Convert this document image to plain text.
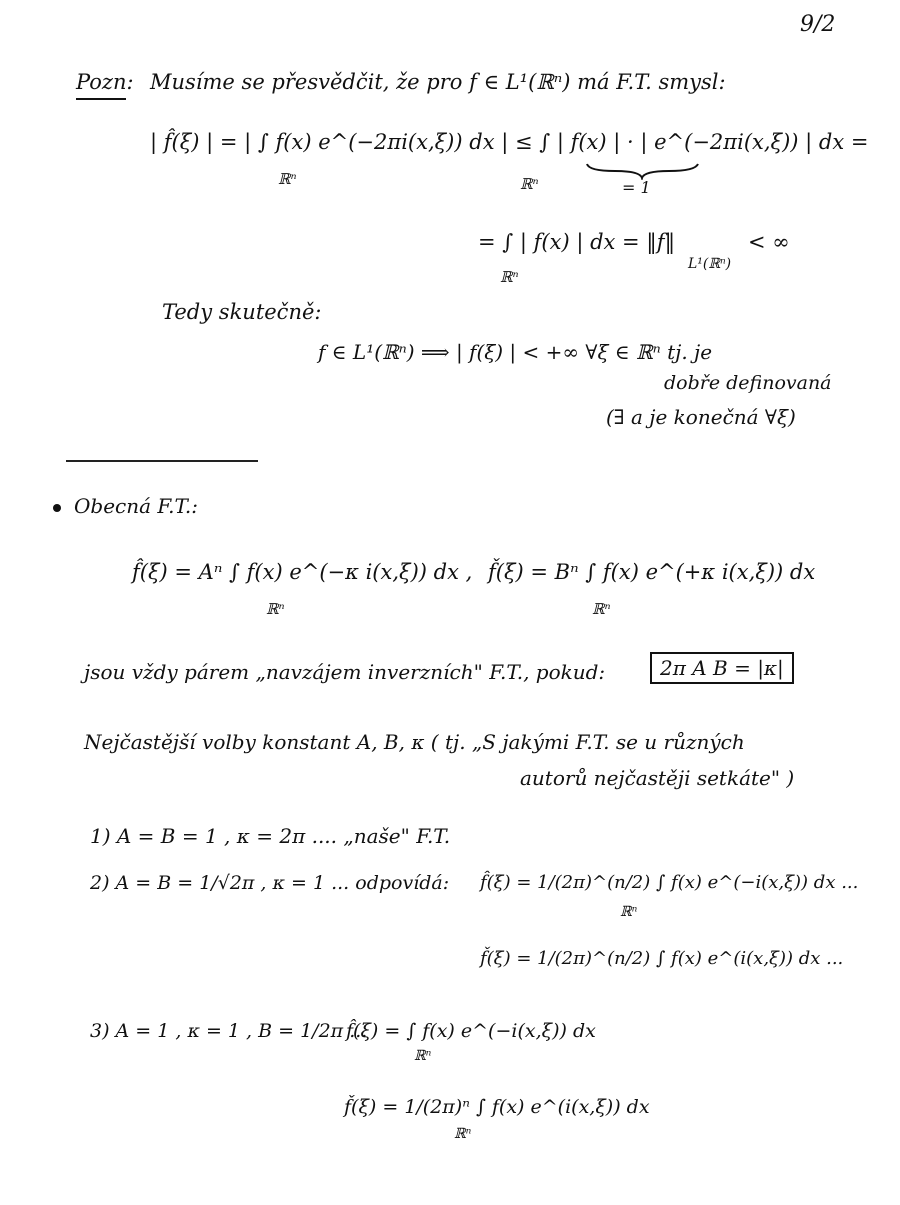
9/2
Pozn: Musíme se přesvědčit, že pro f ∈ L¹(ℝⁿ) má F.T. smysl:
| f̂(ξ) | = | ∫ f(x) e^(−2πi(x,ξ)) dx | ≤ ∫ | f(x) | · | e^(−2πi(x,ξ)) | dx =
ℝⁿ	ℝⁿ	= 1
= ∫ | f(x) | dx = ‖f‖
L¹(ℝⁿ)
< ∞
ℝⁿ
Tedy skutečně:
f ∈ L¹(ℝⁿ) ⟹ | f(ξ) | < +∞ ∀ξ ∈ ℝⁿ tj. je
dobře definovaná
(∃ a je konečná ∀ξ)
Obecná F.T.:
f̂(ξ) = Aⁿ ∫ f(x) e^(−κ i(x,ξ)) dx ,
ℝⁿ
f̌(ξ) = Bⁿ ∫ f(x) e^(+κ i(x,ξ)) dx
ℝⁿ
jsou vždy párem „navzájem inverzních" F.T., pokud:	2π A B = |κ|
Nejčastější volby konstant A, B, κ ( tj. „S jakými F.T. se u různých
autorů nejčastěji setkáte" )
1) A = B = 1 , κ = 2π .... „naše" F.T.
2) A = B = 1/√2π , κ = 1 ... odpovídá: f̂(ξ) = 1/(2π)^(n/2) ∫ f(x) e^(−i(x,ξ)) dx ...
ℝⁿ
f̌(ξ) = 1/(2π)^(n/2) ∫ f(x) e^(i(x,ξ)) dx ...
3) A = 1 , κ = 1 , B = 1/2π ...
f̂(ξ) = ∫ f(x) e^(−i(x,ξ)) dx
ℝⁿ
f̌(ξ) = 1/(2π)ⁿ ∫ f(x) e^(i(x,ξ)) dx
ℝⁿ
